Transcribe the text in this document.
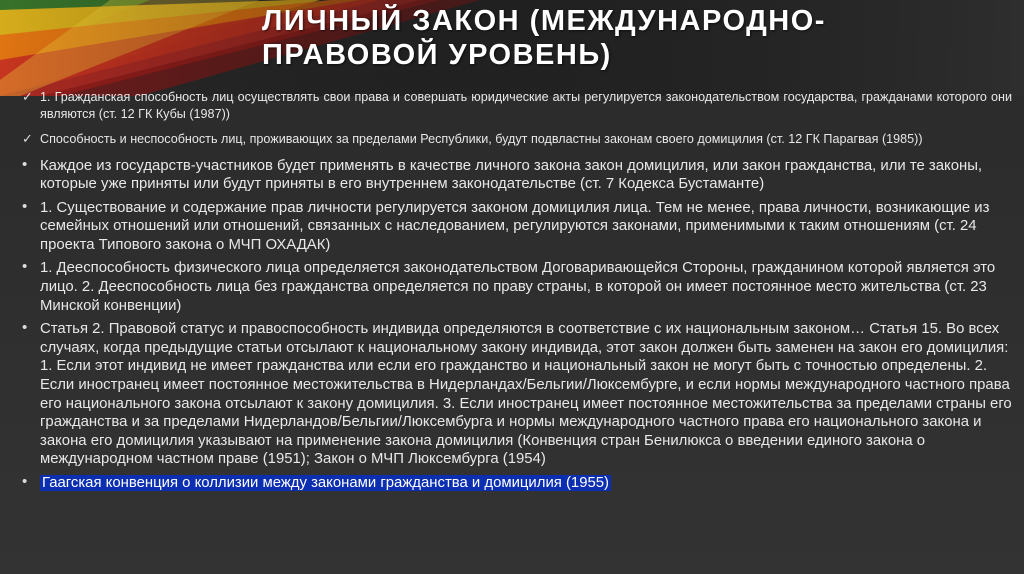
ЛИЧНЫЙ ЗАКОН (МЕЖДУНАРОДНО-ПРАВОВОЙ УРОВЕНЬ)

✓ 1. Гражданская способность лиц осуществлять свои права и совершать юридические акты регулируется законодательством государства, гражданами которого они являются (ст. 12 ГК Кубы (1987))

✓ Способность и неспособность лиц, проживающих за пределами Республики, будут подвластны законам своего домицилия (ст. 12 ГК Парагвая (1985))

• Каждое из государств-участников будет применять в качестве личного закона закон домицилия, или закон гражданства, или те законы, которые уже приняты или будут приняты в его внутреннем законодательстве (ст. 7 Кодекса Бустаманте)

• 1. Существование и содержание прав личности регулируется законом домицилия лица. Тем не менее, права личности, возникающие из семейных отношений или отношений, связанных с наследованием, регулируются законами, применимыми к таким отношениям (ст. 24 проекта Типового закона о МЧП ОХАДАК)

• 1. Дееспособность физического лица определяется законодательством Договаривающейся Стороны, гражданином которой является это лицо. 2. Дееспособность лица без гражданства определяется по праву страны, в которой он имеет постоянное место жительства (ст. 23 Минской конвенции)

• Статья 2. Правовой статус и правоспособность индивида определяются в соответствие с их национальным законом… Статья 15. Во всех случаях, когда предыдущие статьи отсылают к национальному закону индивида, этот закон должен быть заменен на закон его домицилия: 1. Если этот индивид не имеет гражданства или если его гражданство и национальный закон не могут быть с точностью определены. 2. Если иностранец имеет постоянное местожительства в Нидерландах/Бельгии/Люксембурге, и если нормы международного частного права его национального закона отсылают к закону домицилия. 3. Если иностранец имеет постоянное местожительства за пределами страны его гражданства и за пределами Нидерландов/Бельгии/Люксембурга и нормы международного частного права его национального закона и закона его домицилия указывают на применение закона домицилия (Конвенция стран Бенилюкса о введении единого закона о международном частном праве (1951); Закон о МЧП Люксембурга (1954)

• Гаагская конвенция о коллизии между законами гражданства и домицилия (1955)
